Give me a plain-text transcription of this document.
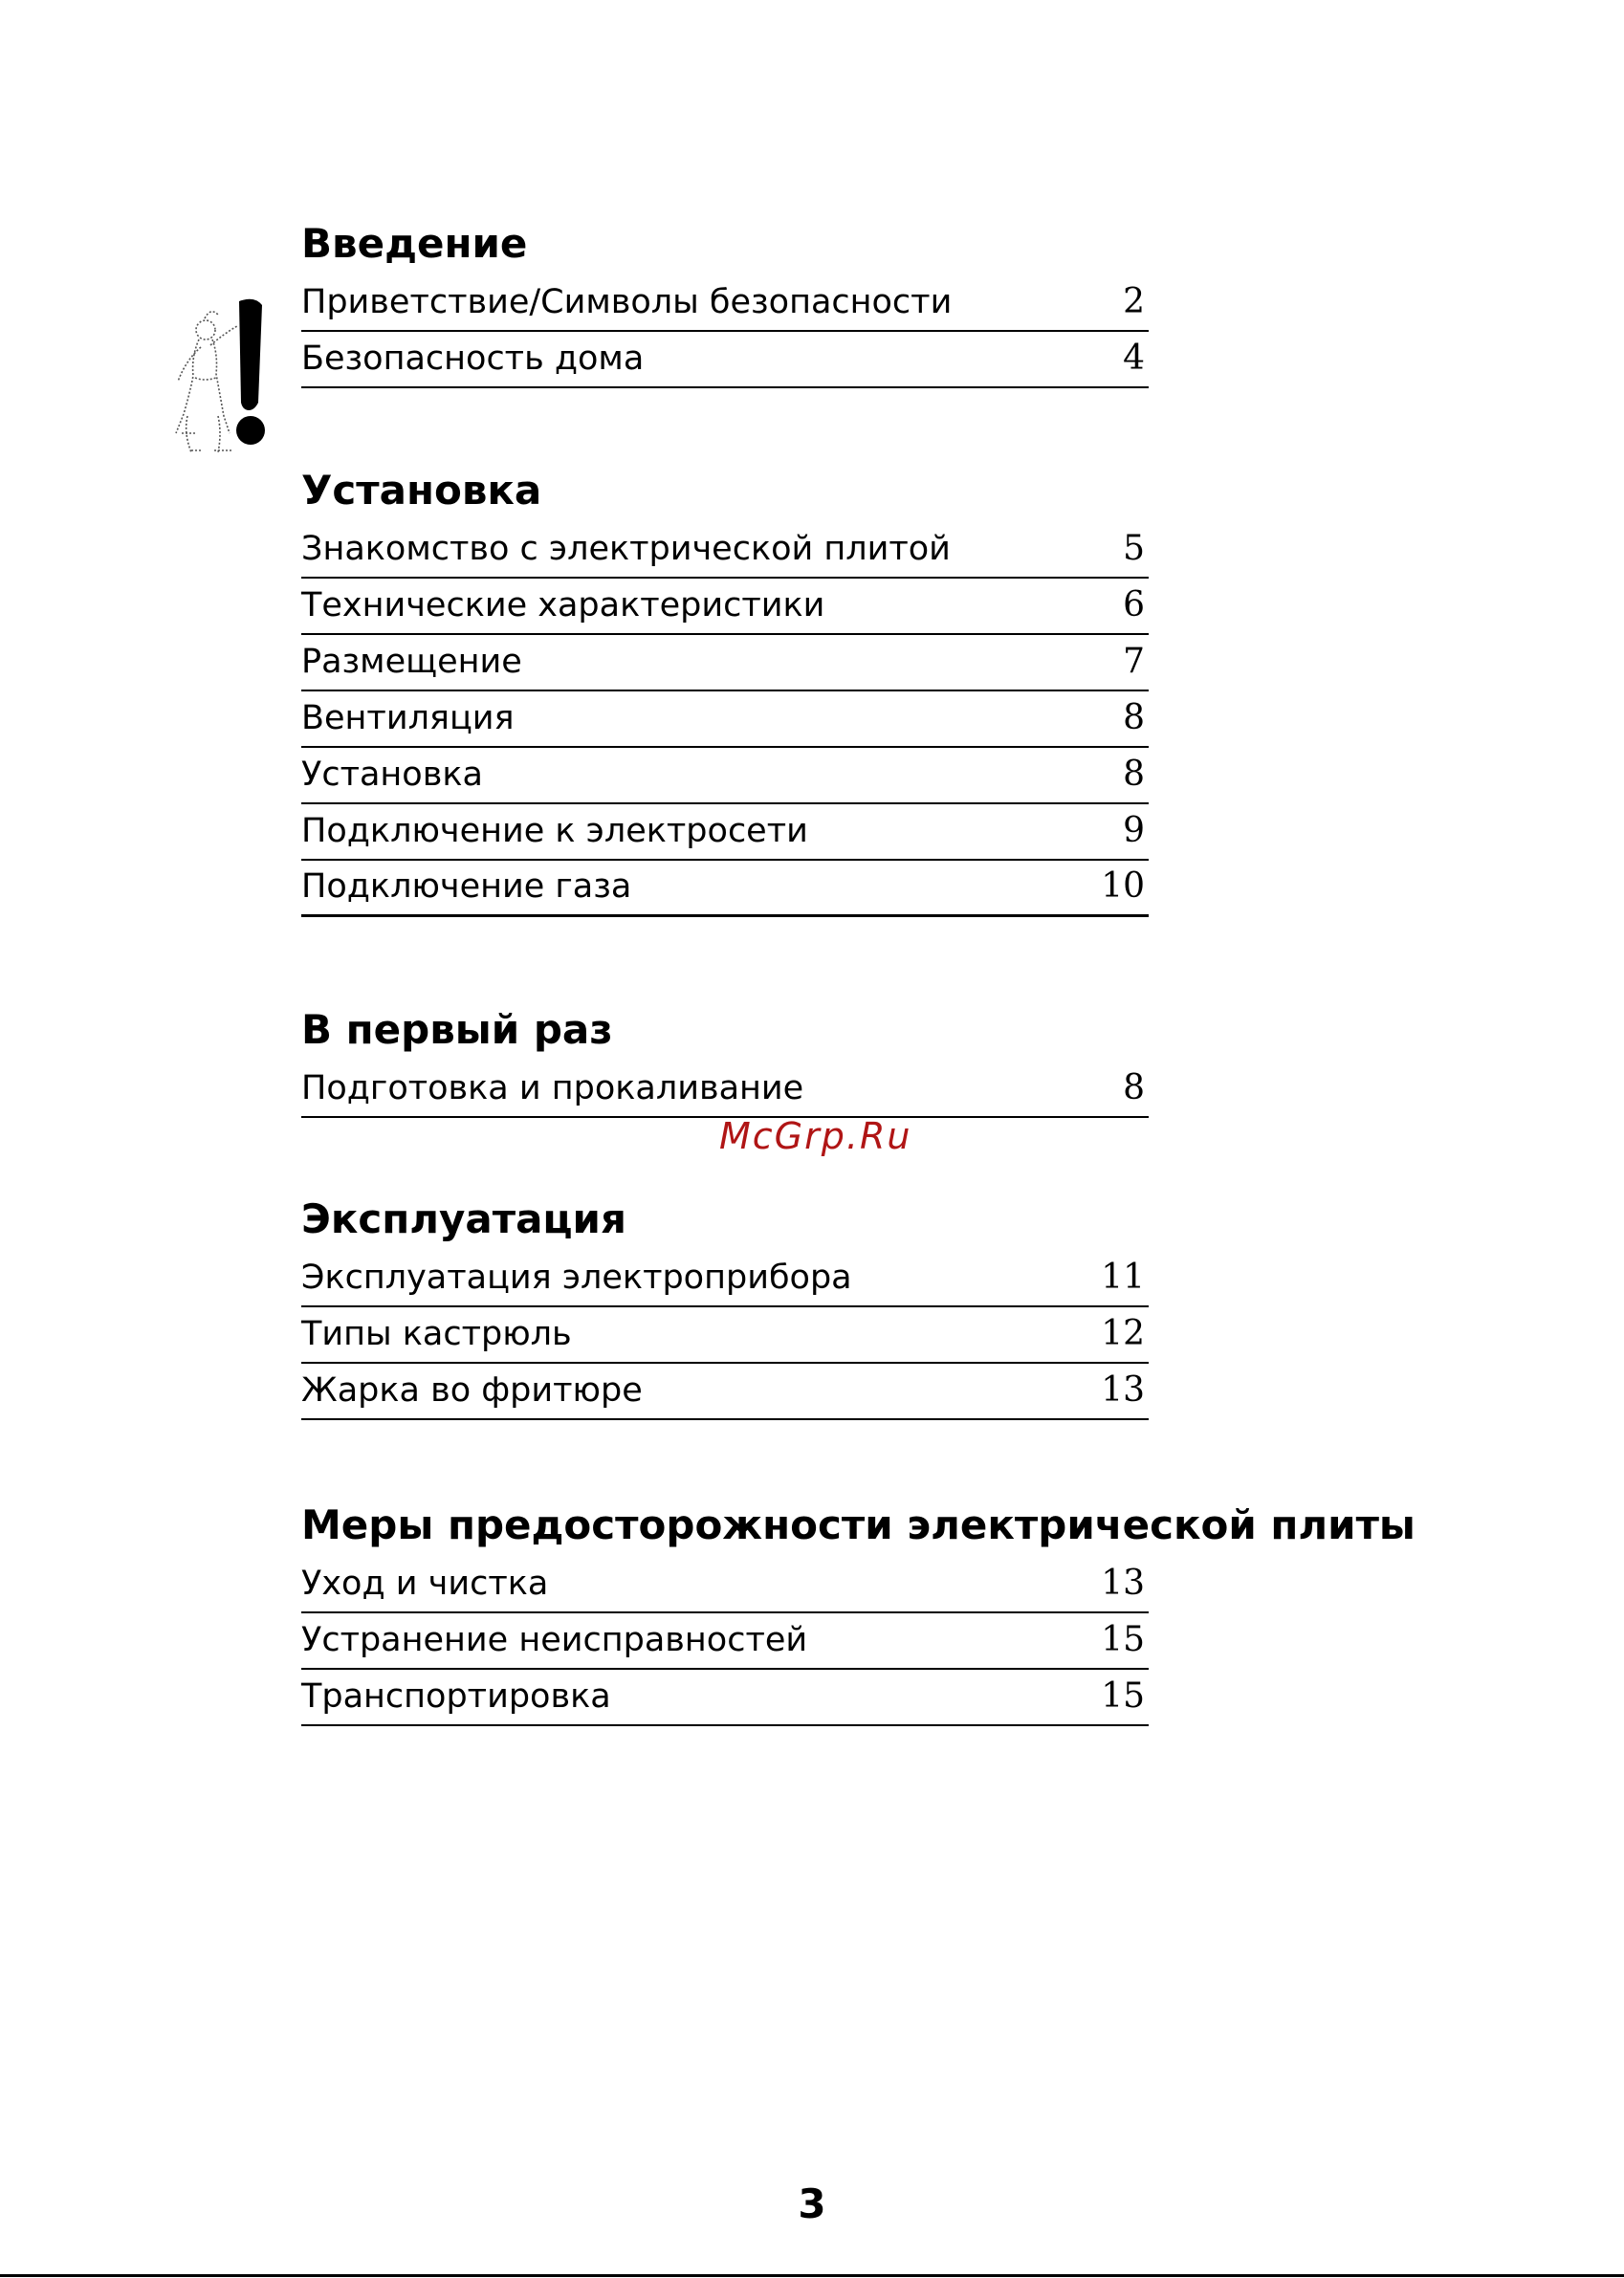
Введение
Приветствие/Символы безопасности	2
Безопасность дома	4
Установка
Знакомство с электрической плитой	5
Технические характеристики	6
Размещение	7
Вентиляция	8
Установка	8
Подключение к электросети	9
Подключение газа	10
В первый раз
Подготовка и прокаливание	8
Эксплуатация
Эксплуатация электроприбора	11
Типы кастрюль	12
Жарка во фритюре	13
Меры предосторожности электрической плиты
Уход и чистка	13
Устранение неисправностей	15
Транспортировка	15
McGrp.Ru
3
